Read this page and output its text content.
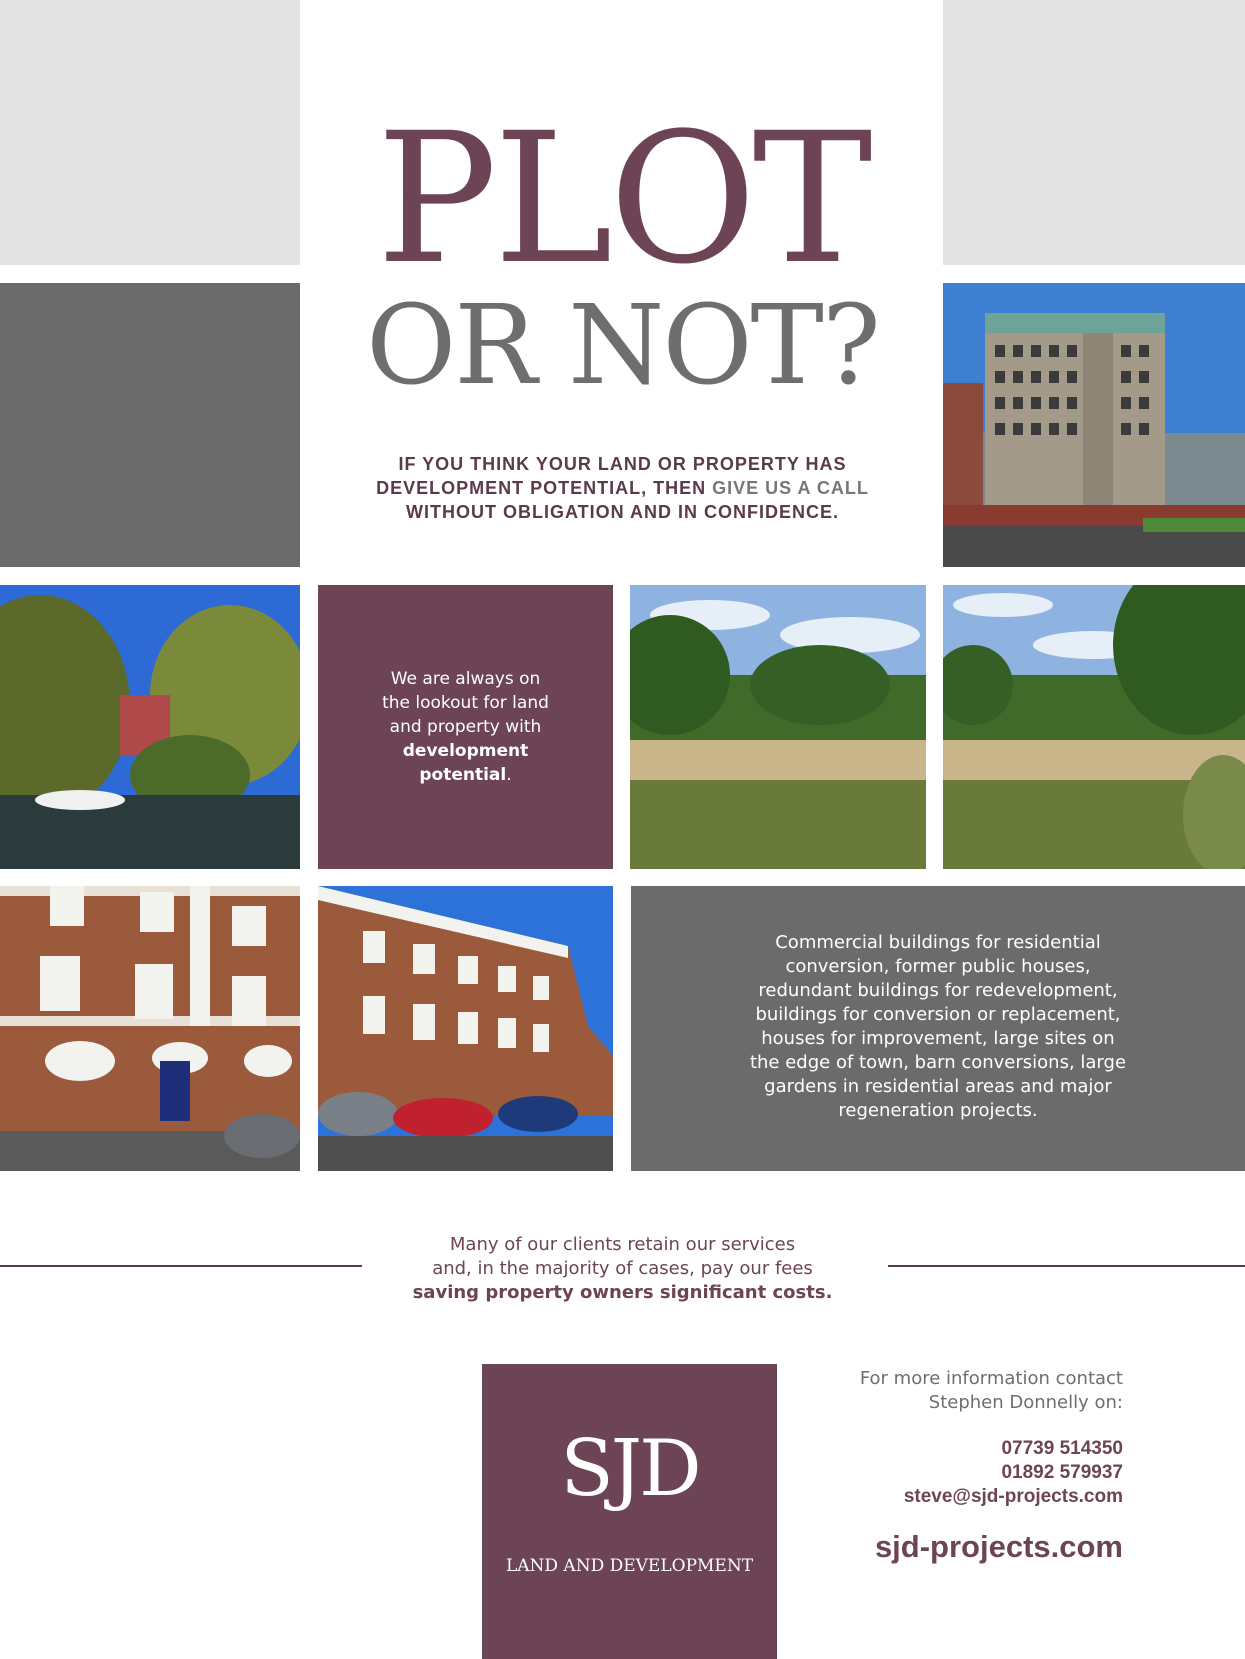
PLOT
OR NOT?
IF YOU THINK YOUR LAND OR PROPERTY HAS
DEVELOPMENT POTENTIAL, THEN GIVE US A CALL
WITHOUT OBLIGATION AND IN CONFIDENCE.
We are always on
the lookout for land
and property with
development
potential.
Commercial buildings for residential
conversion, former public houses,
redundant buildings for redevelopment,
buildings for conversion or replacement,
houses for improvement, large sites on
the edge of town, barn conversions, large
gardens in residential areas and major
regeneration projects.
Many of our clients retain our services
and, in the majority of cases, pay our fees
saving property owners significant costs.
SJD
LAND AND DEVELOPMENT
For more information contact
Stephen Donnelly on:
07739 514350
01892 579937
steve@sjd-projects.com
sjd-projects.com
